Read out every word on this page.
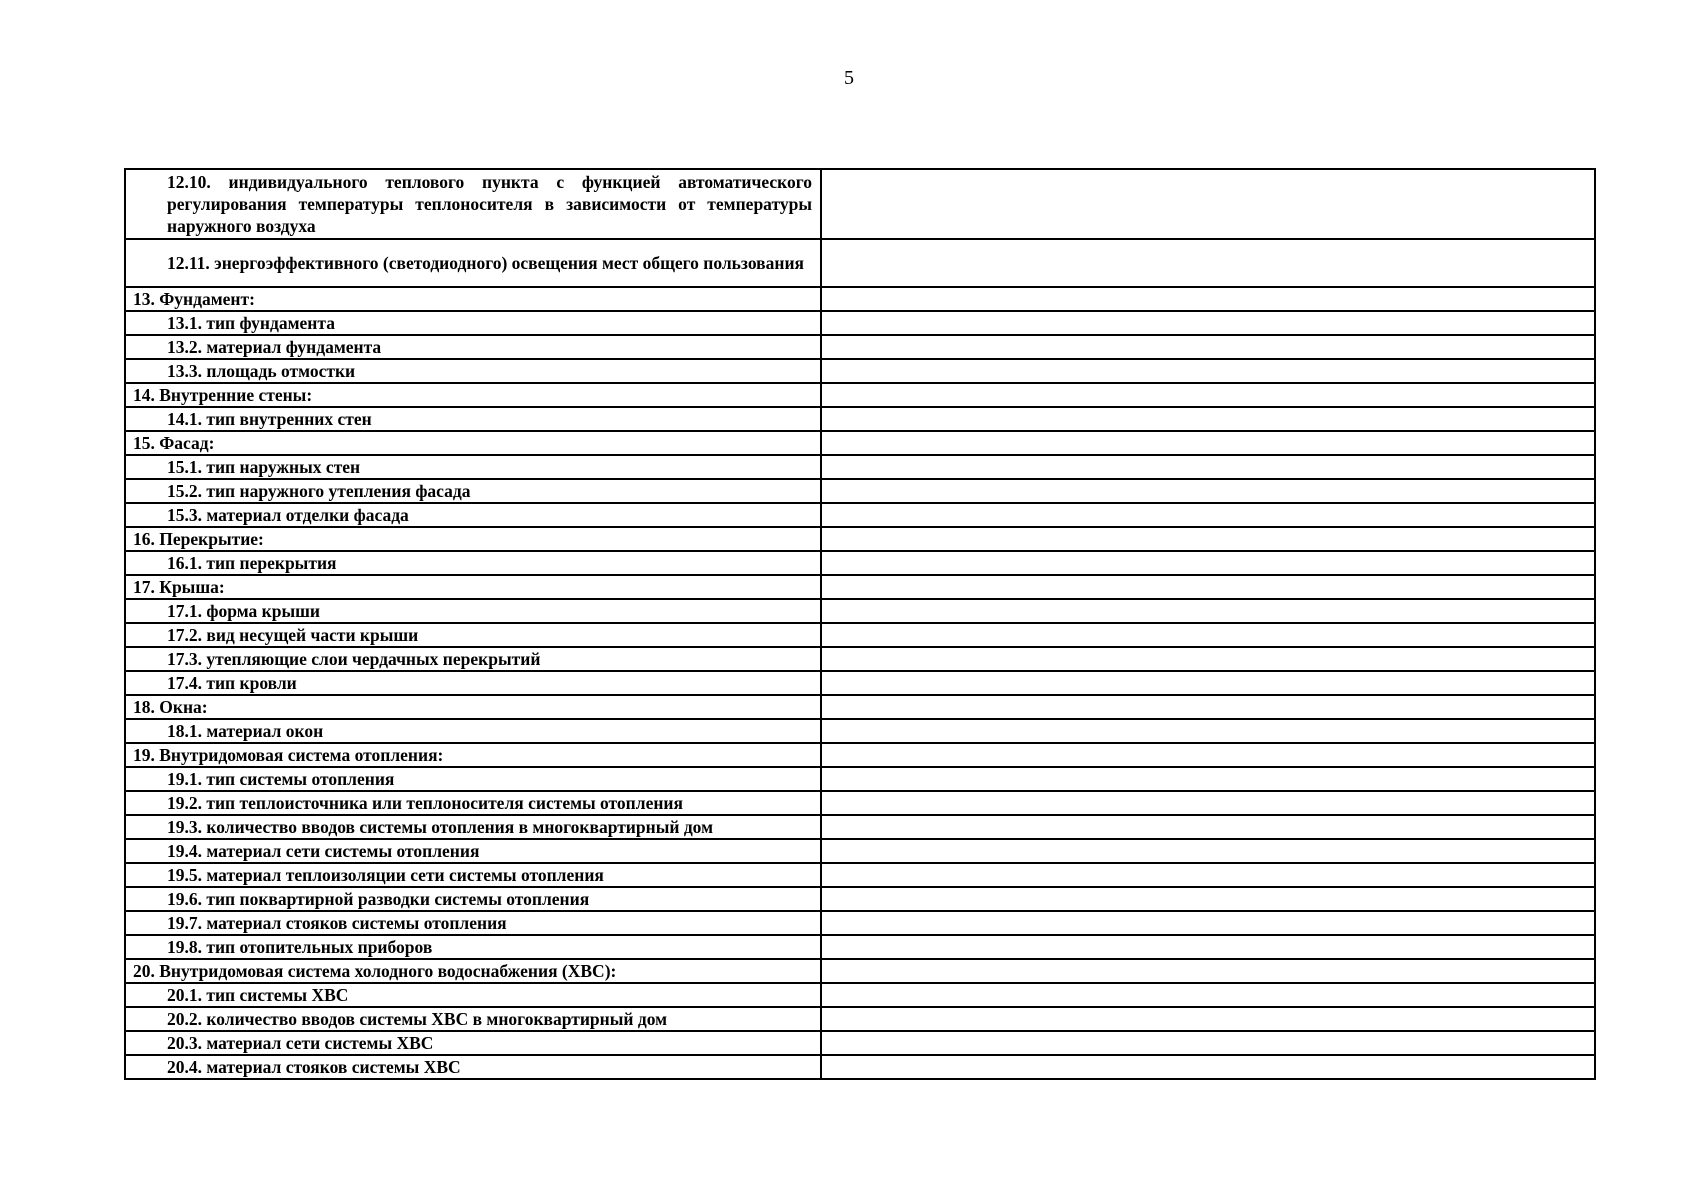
5
12.10. индивидуального теплового пункта с функцией автоматического регулирования температуры теплоносителя в зависимости от температуры наружного воздуха	
12.11. энергоэффективного (светодиодного) освещения мест общего пользования	
13. Фундамент:	
13.1. тип фундамента	
13.2. материал фундамента	
13.3. площадь отмостки	
14. Внутренние стены:	
14.1. тип внутренних стен	
15. Фасад:	
15.1. тип наружных стен	
15.2. тип наружного утепления фасада	
15.3. материал отделки фасада	
16. Перекрытие:	
16.1. тип перекрытия	
17. Крыша:	
17.1. форма крыши	
17.2. вид несущей части крыши	
17.3. утепляющие слои чердачных перекрытий	
17.4. тип кровли	
18. Окна:	
18.1. материал окон	
19. Внутридомовая система отопления:	
19.1. тип системы отопления	
19.2. тип теплоисточника или теплоносителя системы отопления	
19.3. количество вводов системы отопления в многоквартирный дом	
19.4. материал сети системы отопления	
19.5. материал теплоизоляции сети системы отопления	
19.6. тип поквартирной разводки системы отопления	
19.7. материал стояков системы отопления	
19.8. тип отопительных приборов	
20. Внутридомовая система холодного водоснабжения (ХВС):	
20.1. тип системы ХВС	
20.2. количество вводов системы ХВС в многоквартирный дом	
20.3. материал сети системы ХВС	
20.4. материал стояков системы ХВС	
